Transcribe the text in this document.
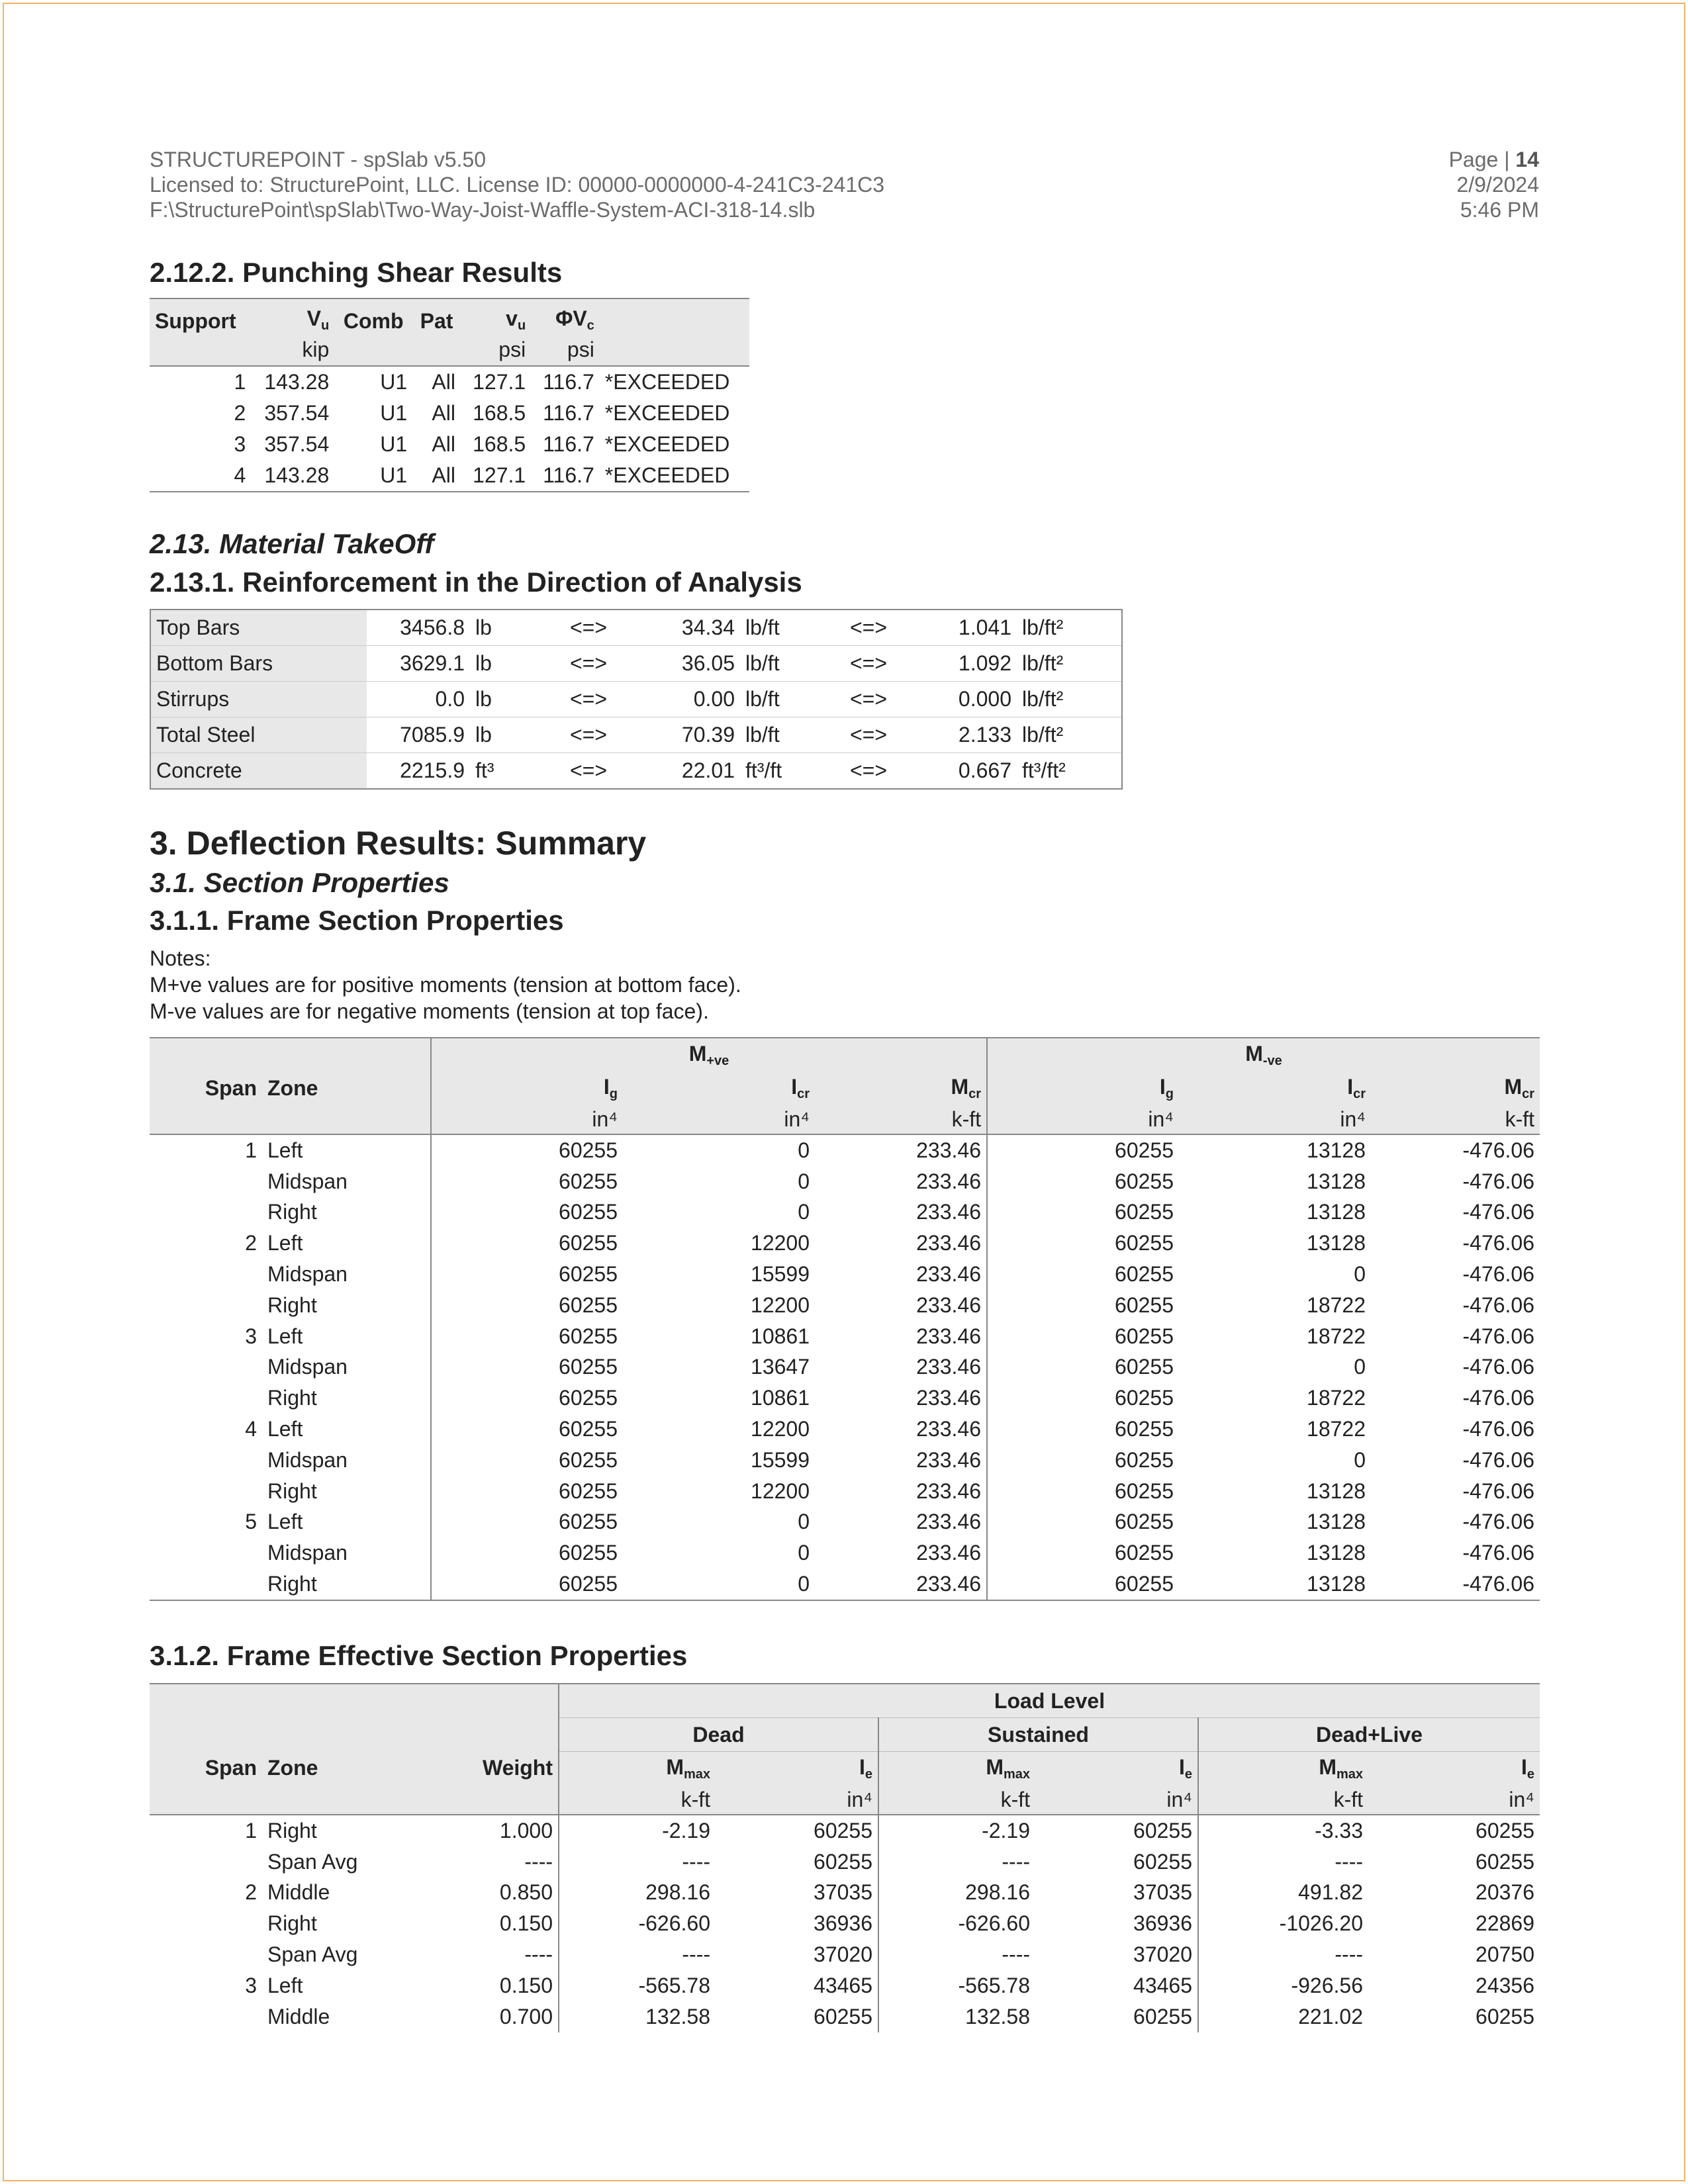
STRUCTUREPOINT - spSlab v5.50
Licensed to: StructurePoint, LLC. License ID: 00000-0000000-4-241C3-241C3
F:\StructurePoint\spSlab\Two-Way-Joist-Waffle-System-ACI-318-14.slb
Page | 14
2/9/2024
5:46 PM
2.12.2. Punching Shear Results
Support	$V_u$	Comb	Pat	$v_u$	$\Phi V_c$	
	kip			psi	psi	
1	143.28	U1	All	127.1	116.7	*EXCEEDED
2	357.54	U1	All	168.5	116.7	*EXCEEDED
3	357.54	U1	All	168.5	116.7	*EXCEEDED
4	143.28	U1	All	127.1	116.7	*EXCEEDED
2.13. Material TakeOff
2.13.1. Reinforcement in the Direction of Analysis
Top Bars	3456.8	lb	<=>	34.34	lb/ft	<=>	1.041	lb/ft²
Bottom Bars	3629.1	lb	<=>	36.05	lb/ft	<=>	1.092	lb/ft²
Stirrups	0.0	lb	<=>	0.00	lb/ft	<=>	0.000	lb/ft²
Total Steel	7085.9	lb	<=>	70.39	lb/ft	<=>	2.133	lb/ft²
Concrete	2215.9	ft³	<=>	22.01	ft³/ft	<=>	0.667	ft³/ft²
3. Deflection Results: Summary
3.1. Section Properties
3.1.1. Frame Section Properties
Notes:
M+ve values are for positive moments (tension at bottom face).
M-ve values are for negative moments (tension at top face).
		$M_{+ve}$			$M_{-ve}$
Span	Zone	$I_g$	$I_{cr}$	$M_{cr}$	$I_g$	$I_{cr}$	$M_{cr}$
		in⁴	in⁴	k-ft	in⁴	in⁴	k-ft
1	Left	60255	0	233.46	60255	13128	-476.06
	Midspan	60255	0	233.46	60255	13128	-476.06
	Right	60255	0	233.46	60255	13128	-476.06
2	Left	60255	12200	233.46	60255	13128	-476.06
	Midspan	60255	15599	233.46	60255	0	-476.06
	Right	60255	12200	233.46	60255	18722	-476.06
3	Left	60255	10861	233.46	60255	18722	-476.06
	Midspan	60255	13647	233.46	60255	0	-476.06
	Right	60255	10861	233.46	60255	18722	-476.06
4	Left	60255	12200	233.46	60255	18722	-476.06
	Midspan	60255	15599	233.46	60255	0	-476.06
	Right	60255	12200	233.46	60255	13128	-476.06
5	Left	60255	0	233.46	60255	13128	-476.06
	Midspan	60255	0	233.46	60255	13128	-476.06
	Right	60255	0	233.46	60255	13128	-476.06
3.1.2. Frame Effective Section Properties
			Load Level					
			Dead		Sustained		Dead+Live	
Span	Zone	Weight	$M_{max}$	$I_e$	$M_{max}$	$I_e$	$M_{max}$	$I_e$
			k-ft	in⁴	k-ft	in⁴	k-ft	in⁴
1	Right	1.000	-2.19	60255	-2.19	60255	-3.33	60255
	Span Avg	----	----	60255	----	60255	----	60255
2	Middle	0.850	298.16	37035	298.16	37035	491.82	20376
	Right	0.150	-626.60	36936	-626.60	36936	-1026.20	22869
	Span Avg	----	----	37020	----	37020	----	20750
3	Left	0.150	-565.78	43465	-565.78	43465	-926.56	24356
	Middle	0.700	132.58	60255	132.58	60255	221.02	60255
